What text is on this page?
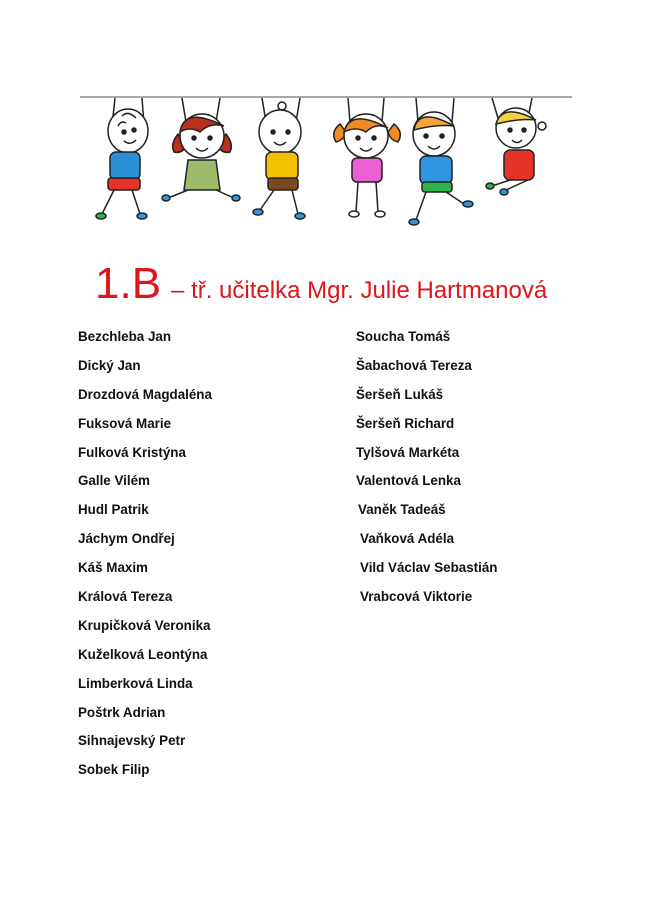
1.B – tř. učitelka Mgr. Julie Hartmanová
Bezchleba Jan
Dický Jan
Drozdová Magdaléna
Fuksová Marie
Fulková Kristýna
Galle Vilém
Hudl Patrik
Jáchym Ondřej
Káš Maxim
Králová Tereza
Krupičková Veronika
Kuželková Leontýna
Limberková Linda
Poštrk Adrian
Sihnajevský Petr
Sobek Filip
Soucha Tomáš
Šabachová Tereza
Šeršeň Lukáš
Šeršeň Richard
Tylšová Markéta
Valentová Lenka
Vaněk Tadeáš
Vaňková Adéla
Vild Václav Sebastián
Vrabcová Viktorie
